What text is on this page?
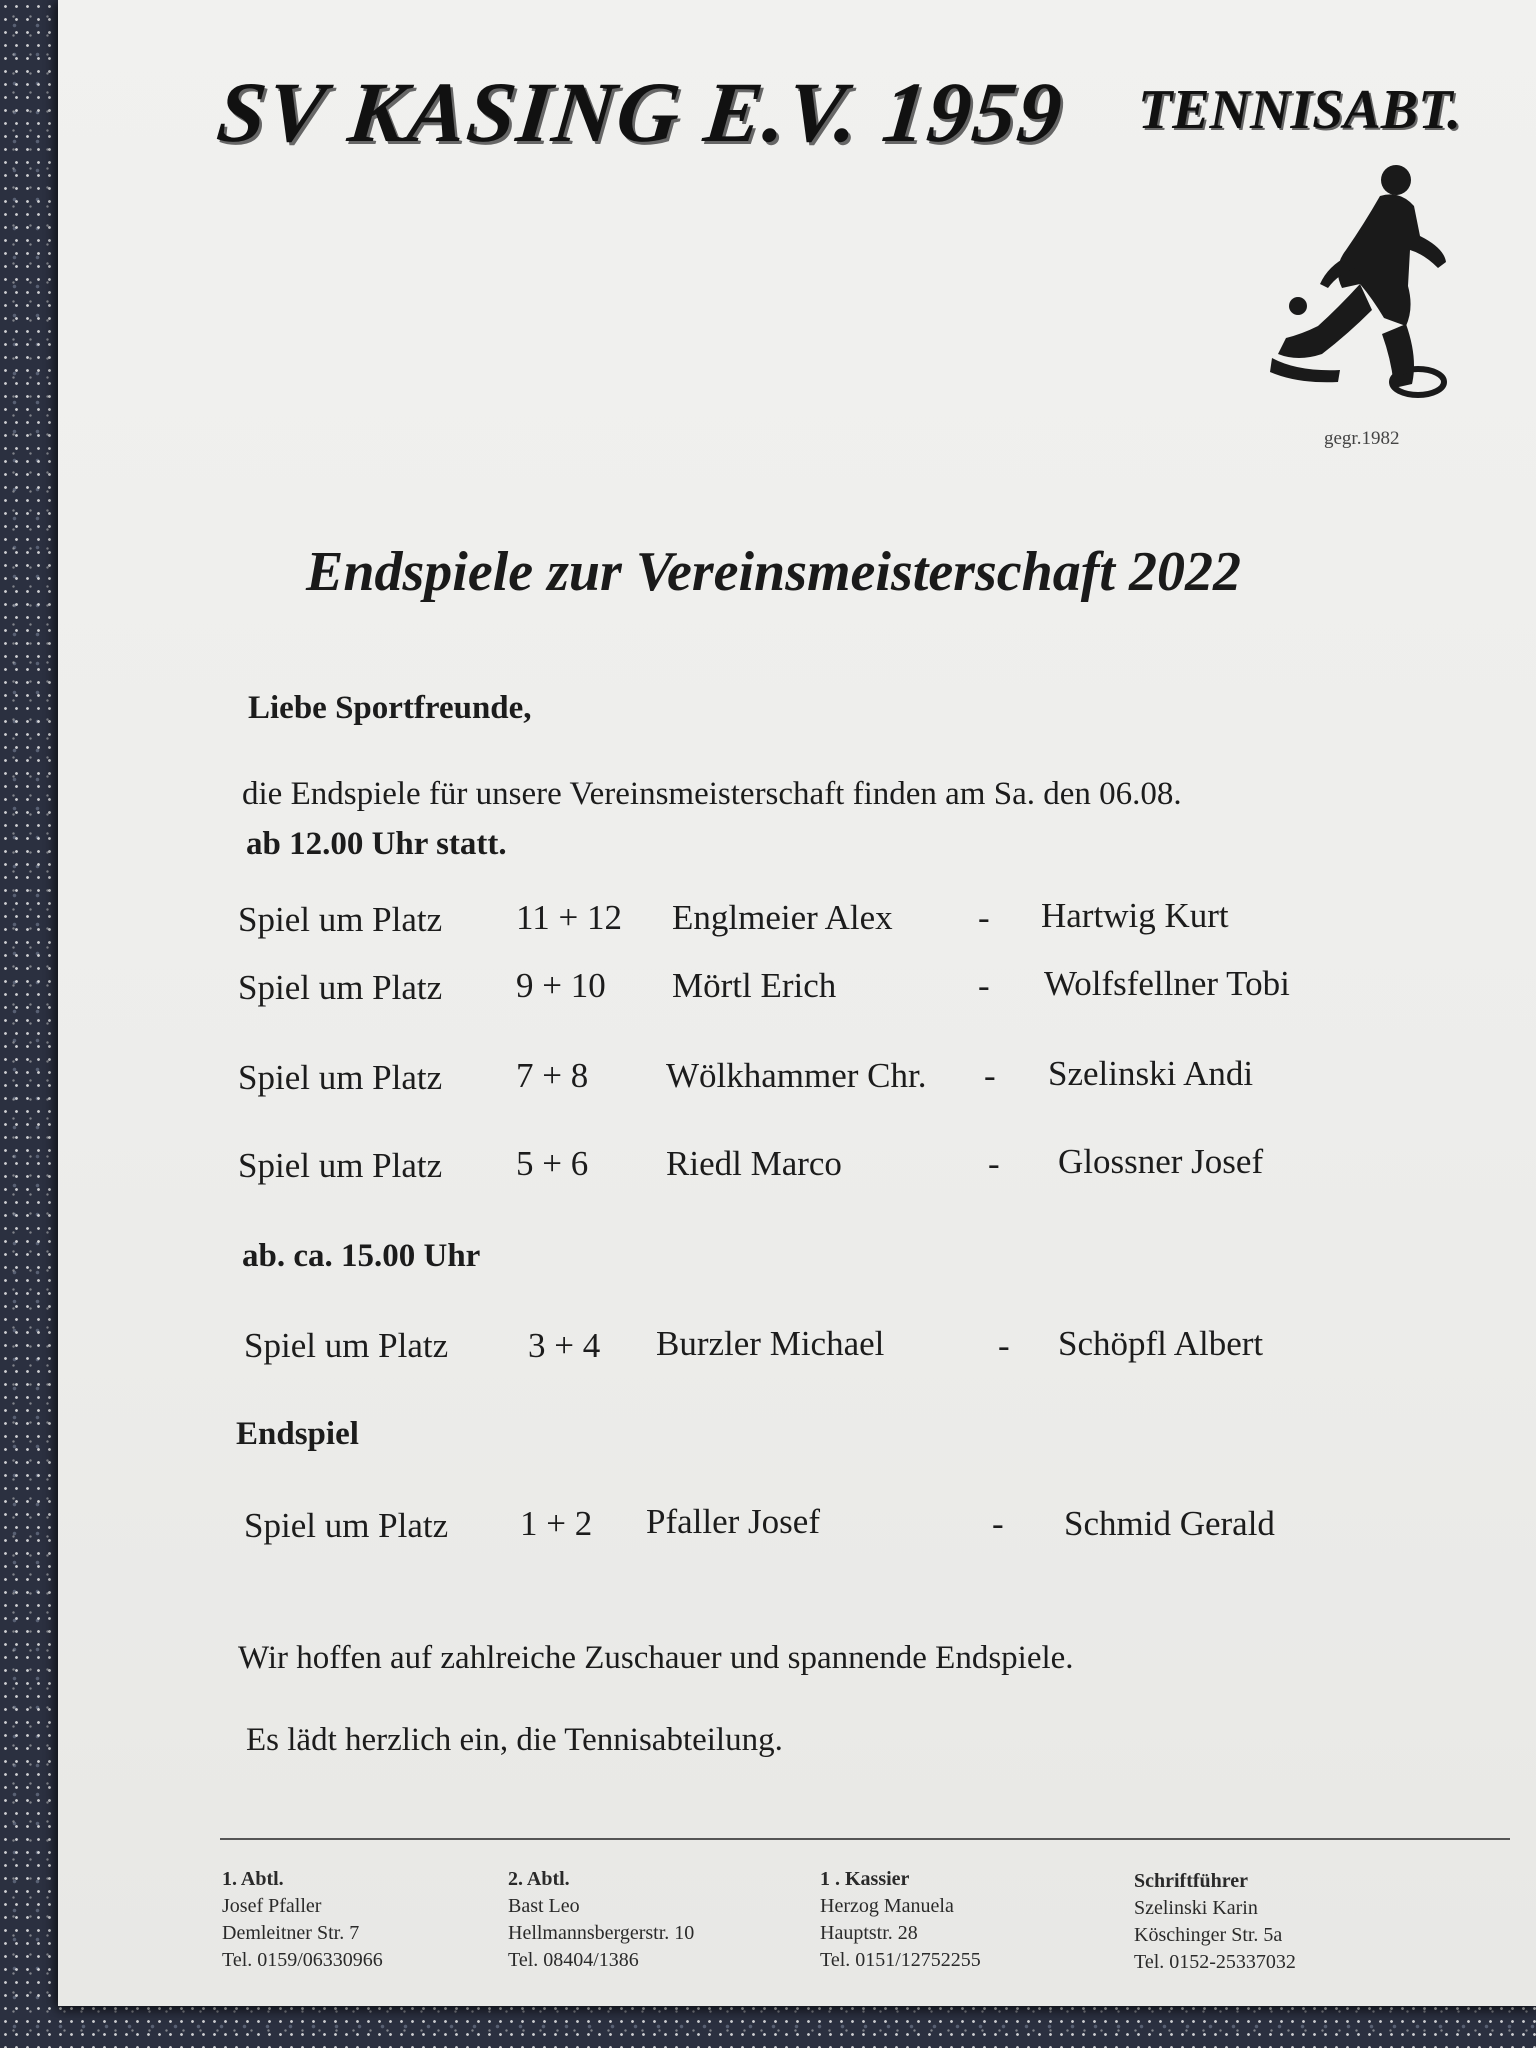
SV KASING E.V. 1959 TENNISABT.
gegr.1982
Endspiele zur Vereinsmeisterschaft 2022
Liebe Sportfreunde,
die Endspiele für unsere Vereinsmeisterschaft finden am Sa. den 06.08.
ab 12.00 Uhr statt.
Spiel um Platz 11 + 12 Englmeier Alex - Hartwig Kurt
Spiel um Platz 9 + 10 Mörtl Erich	- Wolfsfellner Tobi
Spiel um Platz 7 + 8 Wölkhammer Chr. - Szelinski Andi
Spiel um Platz 5 + 6 Riedl Marco	- Glossner Josef
ab. ca. 15.00 Uhr
Spiel um Platz 3 + 4 Burzler Michael	- Schöpfl Albert
Endspiel
Spiel um Platz 1 + 2 Pfaller Josef	- Schmid Gerald
Wir hoffen auf zahlreiche Zuschauer und spannende Endspiele.
Es lädt herzlich ein, die Tennisabteilung.
1. Abtl.
Josef Pfaller
Demleitner Str. 7
Tel. 0159/06330966
2. Abtl.
Bast Leo
Hellmannsbergerstr. 10
Tel. 08404/1386
1 . Kassier
Herzog Manuela
Hauptstr. 28
Tel. 0151/12752255
Schriftführer
Szelinski Karin
Köschinger Str. 5a
Tel. 0152-25337032
